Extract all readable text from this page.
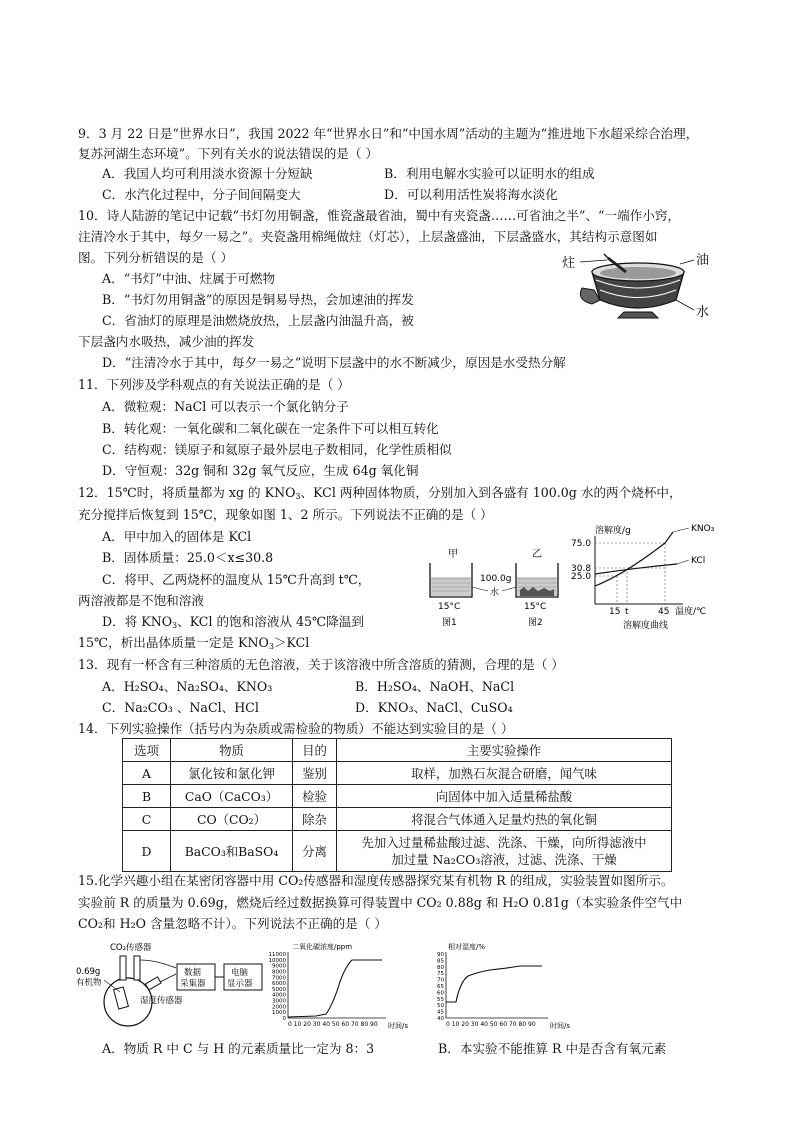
9．3 月 22 日是“世界水日”，我国 2022 年“世界水日”和“中国水周”活动的主题为“推进地下水超采综合治理，
复苏河湖生态环境”。下列有关水的说法错误的是（ ）
A．我国人均可利用淡水资源十分短缺	B．利用电解水实验可以证明水的组成
C．水汽化过程中，分子间间隔变大	D．可以利用活性炭将海水淡化
10．诗人陆游的笔记中记载“书灯勿用铜盏，惟瓷盏最省油，蜀中有夹瓷盏……可省油之半”、“一端作小窍，
注清冷水于其中，每夕一易之”。夹瓷盏用棉绳做炷（灯芯），上层盏盛油，下层盏盛水，其结构示意图如
图。下列分析错误的是（ ）
A．“书灯”中油、炷属于可燃物
B．“书灯勿用铜盏”的原因是铜易导热，会加速油的挥发
C．省油灯的原理是油燃烧放热，上层盏内油温升高，被
下层盏内水吸热，减少油的挥发
D．“注清冷水于其中，每夕一易之”说明下层盏中的水不断减少，原因是水受热分解
炷	油
水
11．下列涉及学科观点的有关说法正确的是（ ）
A．微粒观：NaCl 可以表示一个氯化钠分子
B．转化观：一氧化碳和二氧化碳在一定条件下可以相互转化
C．结构观：镁原子和氦原子最外层电子数相同，化学性质相似
D．守恒观：32g 铜和 32g 氧气反应，生成 64g 氧化铜
12．15℃时，将质量都为 xg 的 $KNO_3$、KCl 两种固体物质，分别加入到各盛有 100.0g 水的两个烧杯中，
充分搅拌后恢复到 15℃，现象如图 1、2 所示。下列说法不正确的是（ ）
A．甲中加入的固体是 KCl
B．固体质量：25.0＜x≤30.8
C．将甲、乙两烧杯的温度从 15℃升高到 t℃，
两溶液都是不饱和溶液
D．将 $KNO_3$、KCl 的饱和溶液从 45℃降温到
15℃，析出晶体质量一定是 $KNO_3>KCl$
甲	乙
100.0g
水
15°C	15°C
图1	图2
溶解度/g	KNO₃
KCl
75.0
30.8
25.0
15 t	45 温度/℃
溶解度曲线
13．现有一杯含有三种溶质的无色溶液，关于该溶液中所含溶质的猜测，合理的是（ ）
A．H₂SO₄、Na₂SO₄、KNO₃	B．H₂SO₄、NaOH、NaCl
C．Na₂CO₃ 、NaCl、HCl	D．KNO₃、NaCl、CuSO₄
14．下列实验操作（括号内为杂质或需检验的物质）不能达到实验目的是（ ）
选项	物质	目的	主要实验操作
A	氯化铵和氯化钾	鉴别	取样，加熟石灰混合研磨，闻气味
B	CaO（CaCO₃）	检验	向固体中加入适量稀盐酸
C	CO（CO₂）	除杂	将混合气体通入足量灼热的氧化铜
D	BaCO₃和BaSO₄	分离	先加入过量稀盐酸过滤、洗涤、干燥，向所得滤液中
加过量 Na₂CO₃溶液，过滤、洗涤、干燥
15.化学兴趣小组在某密闭容器中用 CO₂传感器和湿度传感器探究某有机物 R 的组成，实验装置如图所示。
实验前 R 的质量为 0.69g，燃烧后经过数据换算可得装置中 CO₂ 0.88g 和 H₂O 0.81g（本实验条件空气中
CO₂和 H₂O 含量忽略不计）。下列说法不正确的是（ ）
CO₂传感器
0.69g
有机物
湿度传感器
数据
采集器
电脑
显示器
二氧化碳浓度/ppm
11000
10000
9000
8000
7000
6000
5000
4000
3000
2000
1000
0
0 10 20 30 40 50 60 70 80 90 时间/s
相对湿度/%
90
85
80
75
70
65
60
55
50
45
40
0 10 20 30 40 50 60 70 80 90 时间/s
A．物质 R 中 C 与 H 的元素质量比一定为 8：3	B．本实验不能推算 R 中是否含有氧元素
